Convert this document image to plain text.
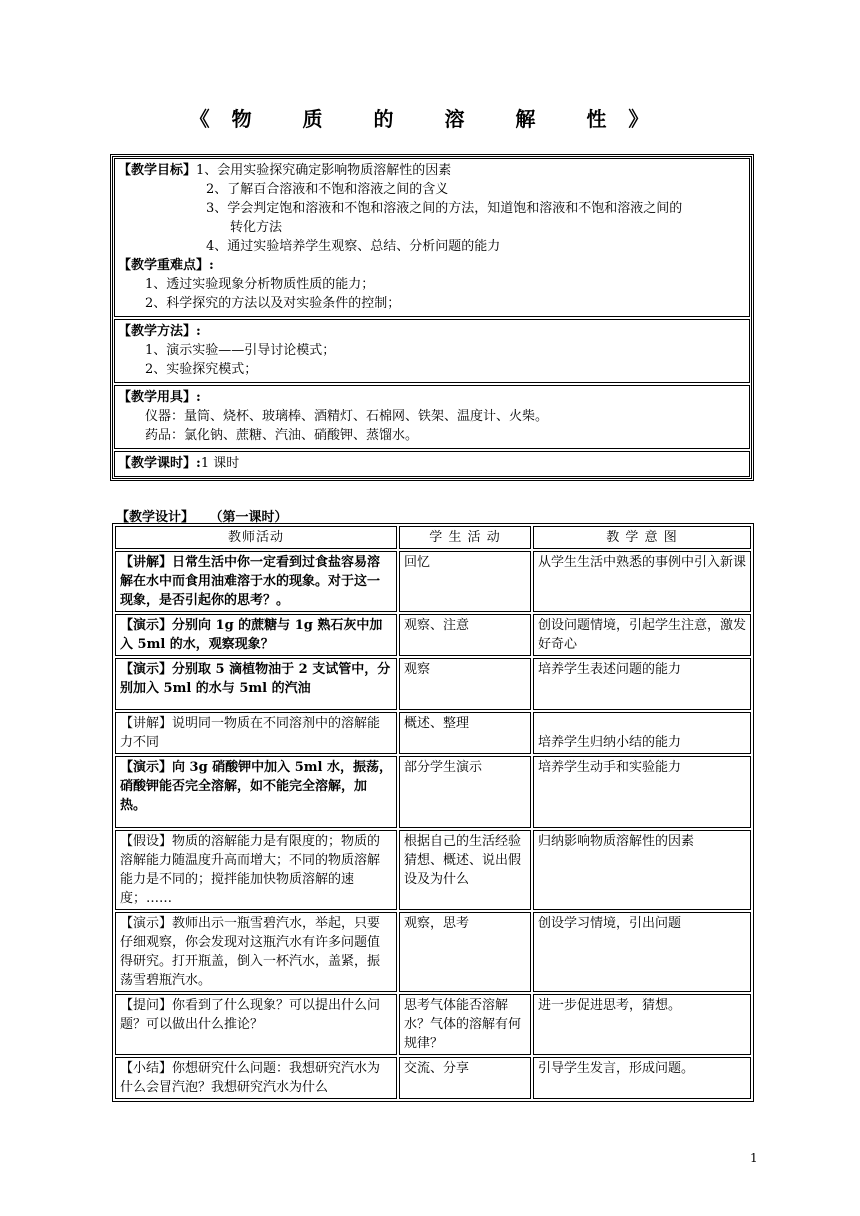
《物 质 的 溶 解 性》
【教学目标】1、会用实验探究确定影响物质溶解性的因素
2、了解百合溶液和不饱和溶液之间的含义
3、学会判定饱和溶液和不饱和溶液之间的方法，知道饱和溶液和不饱和溶液之间的
转化方法
4、通过实验培养学生观察、总结、分析问题的能力
【教学重难点】:
1、透过实验现象分析物质性质的能力；
2、科学探究的方法以及对实验条件的控制；
【教学方法】:
1、演示实验——引导讨论模式；
2、实验探究模式；
【教学用具】:
仪器：量筒、烧杯、玻璃棒、酒精灯、石棉网、铁架、温度计、火柴。
药品：氯化钠、蔗糖、汽油、硝酸钾、蒸馏水。
【教学课时】:1 课时
【教学设计】 （第一课时）
教师活动	学 生 活 动	教 学 意 图
【讲解】日常生活中你一定看到过食盐容易溶解在水中而食用油难溶于水的现象。对于这一现象，是否引起你的思考？。	回忆	从学生生活中熟悉的事例中引入新课
【演示】分别向 1g 的蔗糖与 1g 熟石灰中加入 5ml 的水，观察现象？	观察、注意	创设问题情境，引起学生注意，激发好奇心
【演示】分别取 5 滴植物油于 2 支试管中，分别加入 5ml 的水与 5ml 的汽油	观察	培养学生表述问题的能力
【讲解】说明同一物质在不同溶剂中的溶解能力不同	概述、整理	培养学生归纳小结的能力
【演示】向 3g 硝酸钾中加入 5ml 水，振荡，硝酸钾能否完全溶解，如不能完全溶解，加热。	部分学生演示	培养学生动手和实验能力
【假设】物质的溶解能力是有限度的；物质的溶解能力随温度升高而增大；不同的物质溶解能力是不同的；搅拌能加快物质溶解的速度；……	根据自己的生活经验猜想、概述、说出假设及为什么	归纳影响物质溶解性的因素
【演示】教师出示一瓶雪碧汽水，举起，只要仔细观察，你会发现对这瓶汽水有许多问题值得研究。打开瓶盖，倒入一杯汽水，盖紧，振荡雪碧瓶汽水。	观察，思考	创设学习情境，引出问题
【提问】你看到了什么现象？可以提出什么问题？可以做出什么推论？	思考气体能否溶解水？气体的溶解有何规律？	进一步促进思考，猜想。
【小结】你想研究什么问题：我想研究汽水为什么会冒汽泡？我想研究汽水为什么	交流、分享	引导学生发言，形成问题。
1
